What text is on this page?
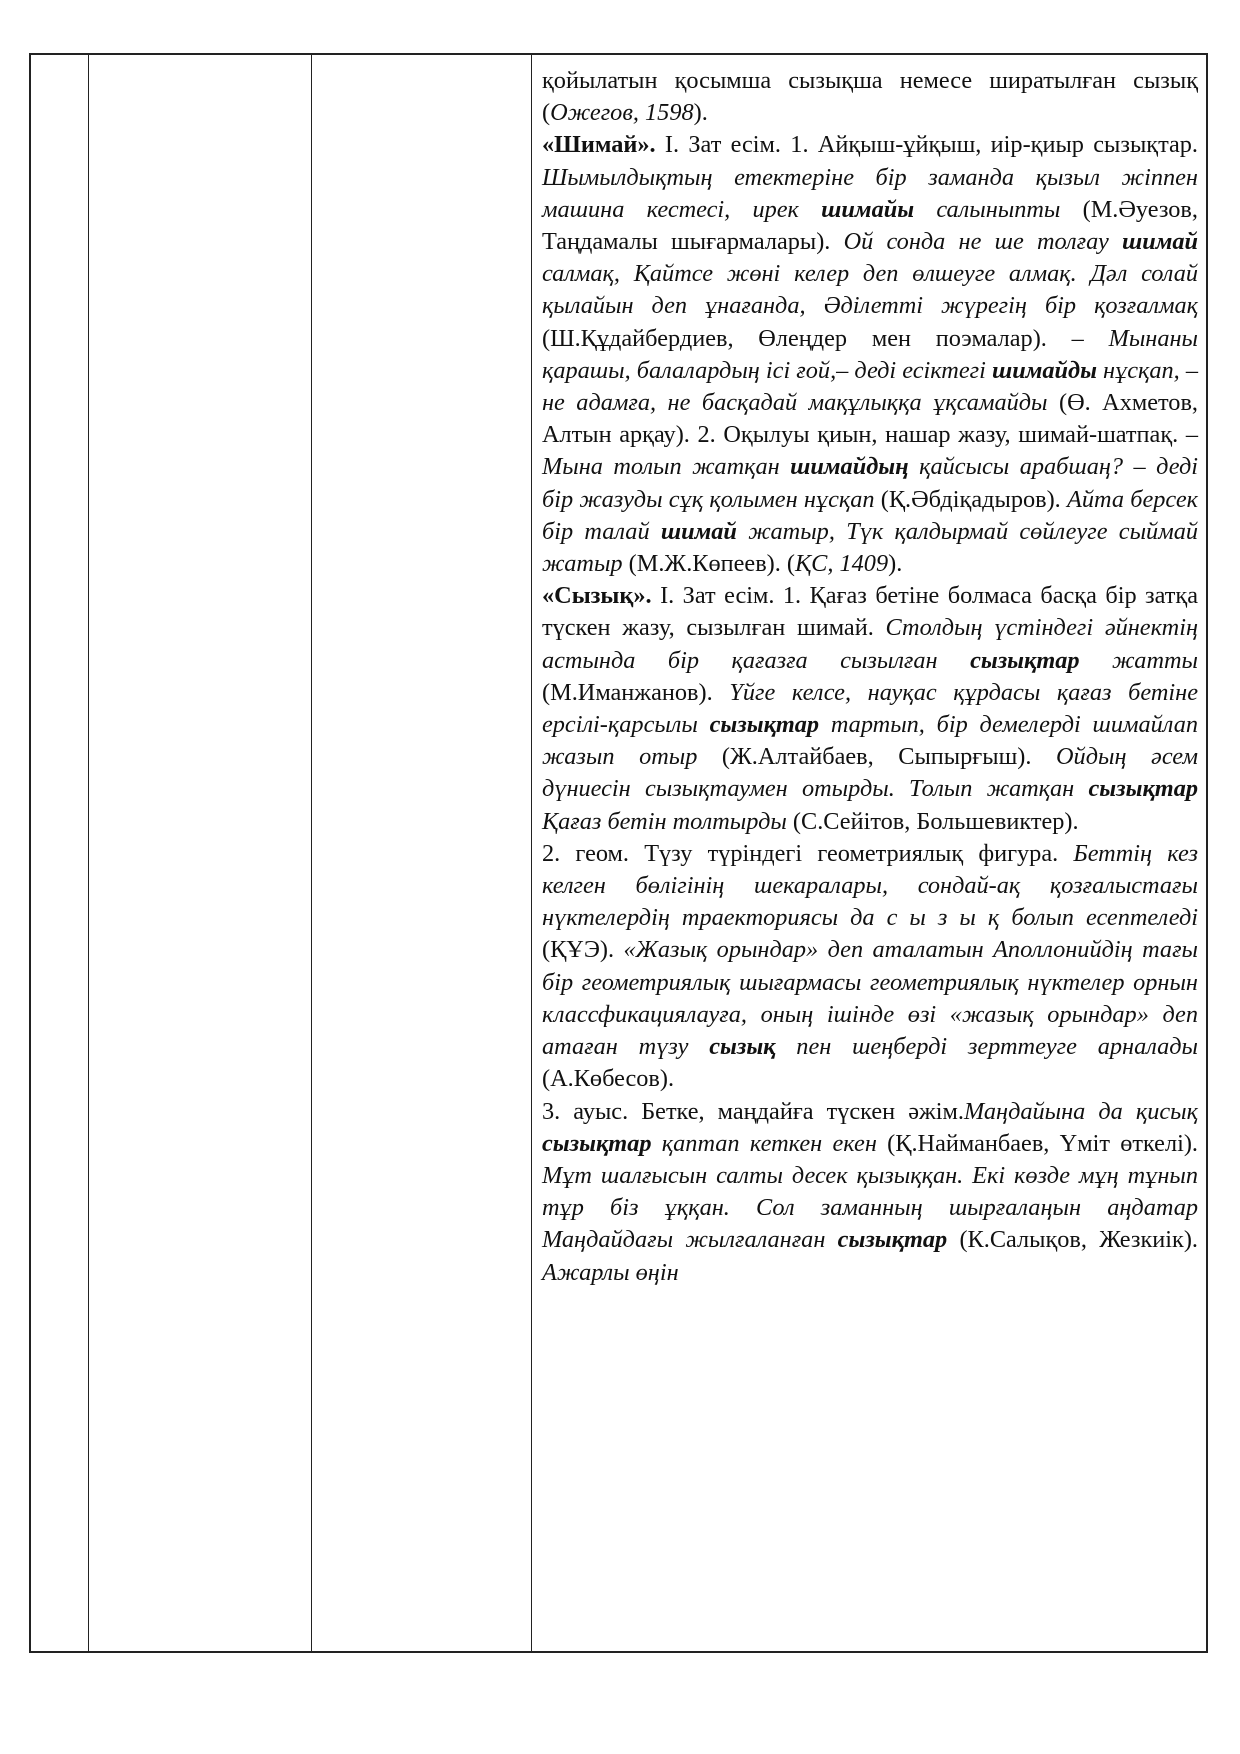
қойылатын қосымша сызықша немесе ширатылған сызық (Ожегов, 1598).

«Шимай». І. Зат есім. 1. Айқыш-ұйқыш, иір-қиыр сызықтар. Шымылдықтың етектеріне бір заманда қызыл жіппен машина кестесі, ирек шимайы салыныпты (М.Әуезов, Таңдамалы шығармалары). Ой сонда не ше толғау шимай салмақ, Қайтсе жөні келер деп өлшеуге алмақ. Дәл солай қылайын деп ұнағанда, Әділетті жүрегің бір қозғалмақ (Ш.Құдайбердиев, Өлеңдер мен поэмалар). – Мынаны қарашы, балалардың ісі ғой,– деді есіктегі шимайды нұсқап, – не адамға, не басқадай мақұлыққа ұқсамайды (Ө. Ахметов, Алтын арқау). 2. Оқылуы қиын, нашар жазу, шимай-шатпақ. – Мына толып жатқан шимайдың қайсысы арабшаң? – деді бір жазуды сұқ қолымен нұсқап (Қ.Әбдіқадыров). Айта берсек бір талай шимай жатыр, Түк қалдырмай сөйлеуге сыймай жатыр (М.Ж.Көпеев). (ҚС, 1409).

«Сызық». І. Зат есім. 1. Қағаз бетіне болмаса басқа бір затқа түскен жазу, сызылған шимай. Столдың үстіндегі әйнектің астында бір қағазға сызылған сызықтар жатты (М.Иманжанов). Үйге келсе, науқас құрдасы қағаз бетіне ерсілі-қарсылы сызықтар тартып, бір демелерді шимайлап жазып отыр (Ж.Алтайбаев, Сыпырғыш). Ойдың әсем дүниесін сызықтаумен отырды. Толып жатқан сызықтар Қағаз бетін толтырды (С.Сейітов, Большевиктер).

2. геом. Түзу түріндегі геометриялық фигура. Беттің кез келген бөлігінің шекаралары, сондай-ақ қозғалыстағы нүктелердің траекториясы да с ы з ы қ болып есептеледі (ҚҰЭ). «Жазық орындар» деп аталатын Аполлонийдің тағы бір геометриялық шығармасы геометриялық нүктелер орнын классфикациялауға, оның ішінде өзі «жазық орындар» деп атаған түзу сызық пен шеңберді зерттеуге арналады (А.Көбесов).

3. ауыс. Бетке, маңдайға түскен әжім.Маңдайына да қисық сызықтар қаптап кеткен екен (Қ.Найманбаев, Үміт өткелі). Мұт шалғысын салты десек қызыққан. Екі көзде мұң тұнып тұр біз ұққан. Сол заманның шырғалаңын аңдатар Маңдайдағы жылғаланған сызықтар (К.Салықов, Жезкиік). Ажарлы өңін
